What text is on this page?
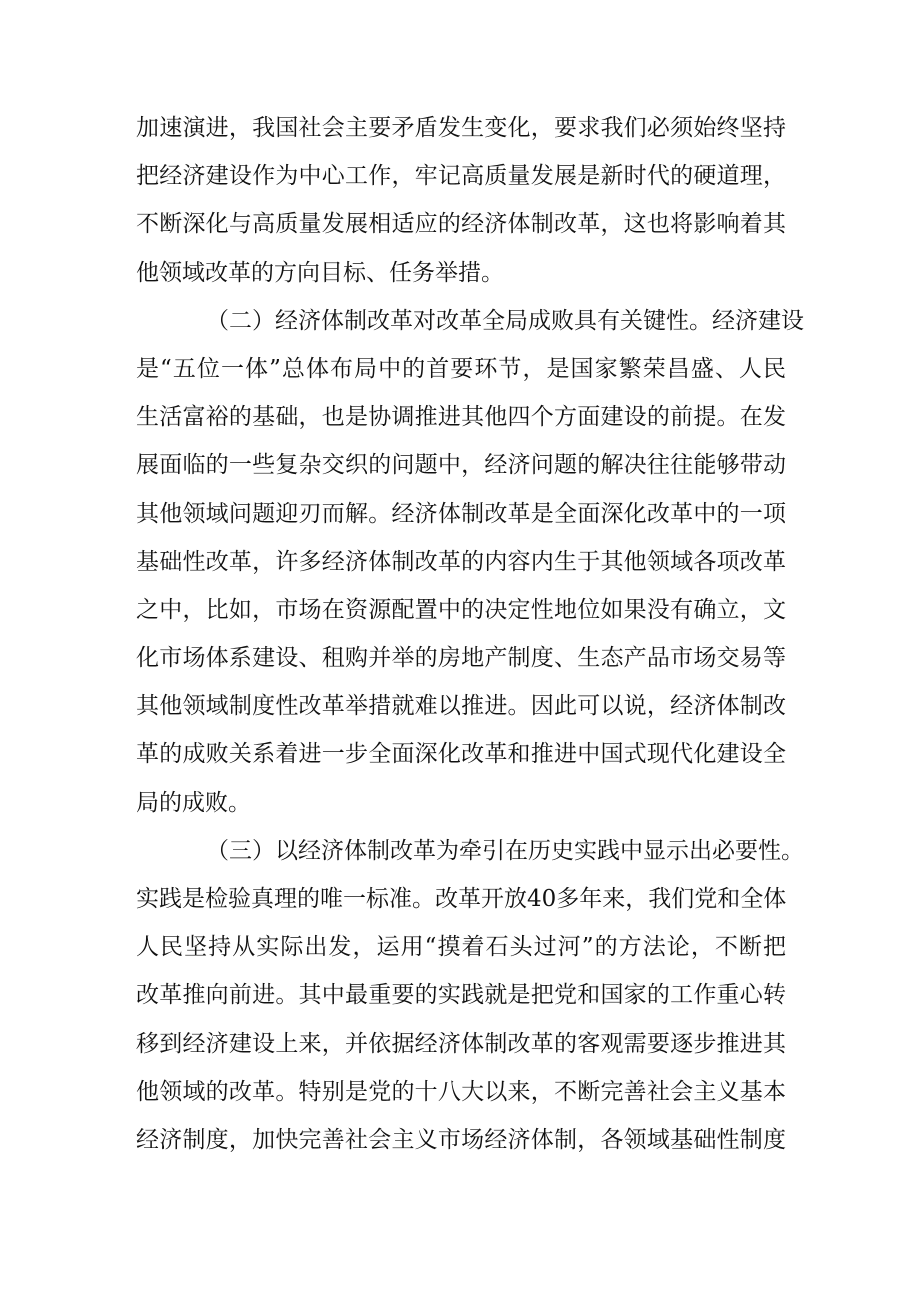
加速演进，我国社会主要矛盾发生变化，要求我们必须始终坚持
把经济建设作为中心工作，牢记高质量发展是新时代的硬道理，
不断深化与高质量发展相适应的经济体制改革，这也将影响着其
他领域改革的方向目标、任务举措。
（二）经济体制改革对改革全局成败具有关键性。经济建设
是“五位一体”总体布局中的首要环节，是国家繁荣昌盛、人民
生活富裕的基础，也是协调推进其他四个方面建设的前提。在发
展面临的一些复杂交织的问题中，经济问题的解决往往能够带动
其他领域问题迎刃而解。经济体制改革是全面深化改革中的一项
基础性改革，许多经济体制改革的内容内生于其他领域各项改革
之中，比如，市场在资源配置中的决定性地位如果没有确立，文
化市场体系建设、租购并举的房地产制度、生态产品市场交易等
其他领域制度性改革举措就难以推进。因此可以说，经济体制改
革的成败关系着进一步全面深化改革和推进中国式现代化建设全
局的成败。
（三）以经济体制改革为牵引在历史实践中显示出必要性。
实践是检验真理的唯一标准。改革开放40多年来，我们党和全体
人民坚持从实际出发，运用“摸着石头过河”的方法论，不断把
改革推向前进。其中最重要的实践就是把党和国家的工作重心转
移到经济建设上来，并依据经济体制改革的客观需要逐步推进其
他领域的改革。特别是党的十八大以来，不断完善社会主义基本
经济制度，加快完善社会主义市场经济体制，各领域基础性制度
